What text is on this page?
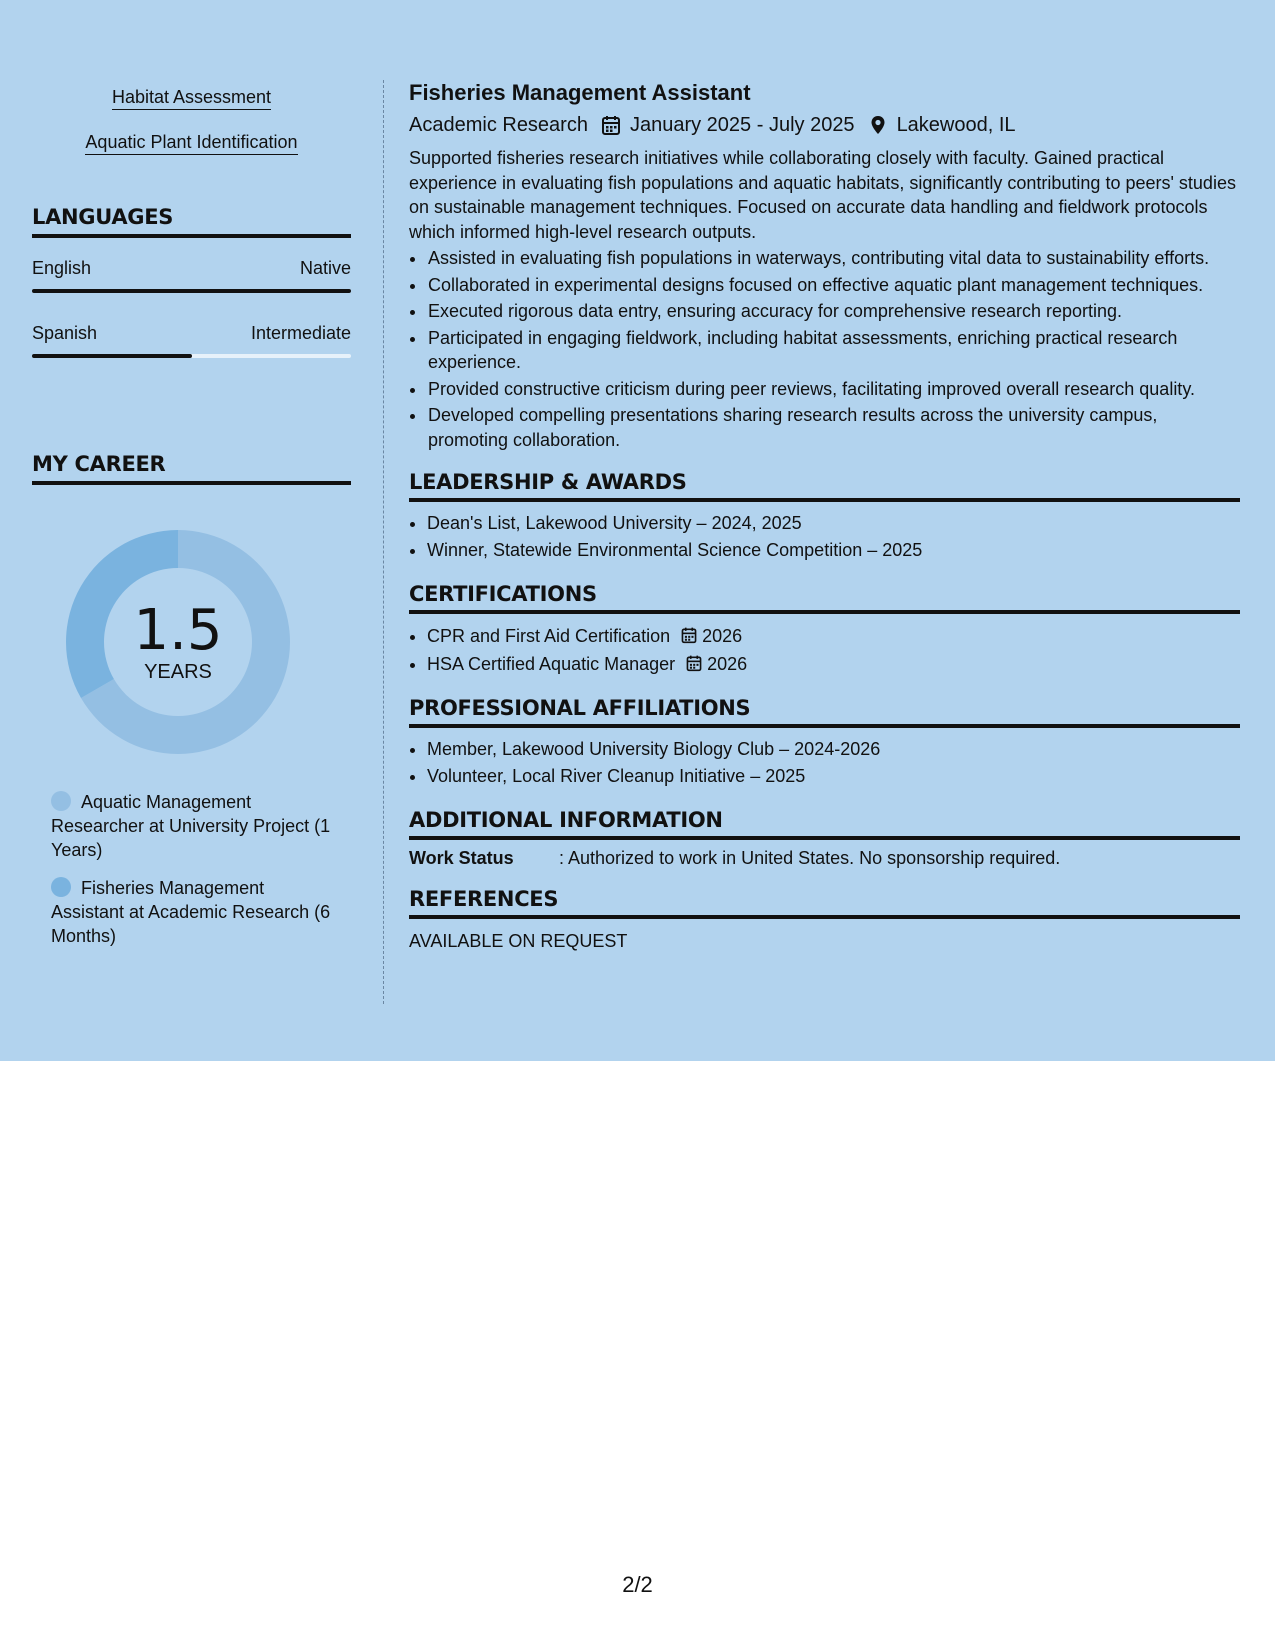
Habitat Assessment
Aquatic Plant Identification
LANGUAGES
English	Native
Spanish	Intermediate
MY CAREER
1.5
YEARS
Aquatic Management Researcher at University Project (1 Years)
Fisheries Management Assistant at Academic Research (6 Months)
Fisheries Management Assistant
Academic Research January 2025 - July 2025 Lakewood, IL
Supported fisheries research initiatives while collaborating closely with faculty. Gained practical experience in evaluating fish populations and aquatic habitats, significantly contributing to peers' studies on sustainable management techniques. Focused on accurate data handling and fieldwork protocols which informed high-level research outputs.
• Assisted in evaluating fish populations in waterways, contributing vital data to sustainability efforts.
• Collaborated in experimental designs focused on effective aquatic plant management techniques.
• Executed rigorous data entry, ensuring accuracy for comprehensive research reporting.
• Participated in engaging fieldwork, including habitat assessments, enriching practical research experience.
• Provided constructive criticism during peer reviews, facilitating improved overall research quality.
• Developed compelling presentations sharing research results across the university campus, promoting collaboration.
LEADERSHIP & AWARDS
• Dean's List, Lakewood University – 2024, 2025
• Winner, Statewide Environmental Science Competition – 2025
CERTIFICATIONS
• CPR and First Aid Certification 2026
• HSA Certified Aquatic Manager 2026
PROFESSIONAL AFFILIATIONS
• Member, Lakewood University Biology Club – 2024-2026
• Volunteer, Local River Cleanup Initiative – 2025
ADDITIONAL INFORMATION
Work Status	: Authorized to work in United States. No sponsorship required.
REFERENCES
AVAILABLE ON REQUEST
2/2
